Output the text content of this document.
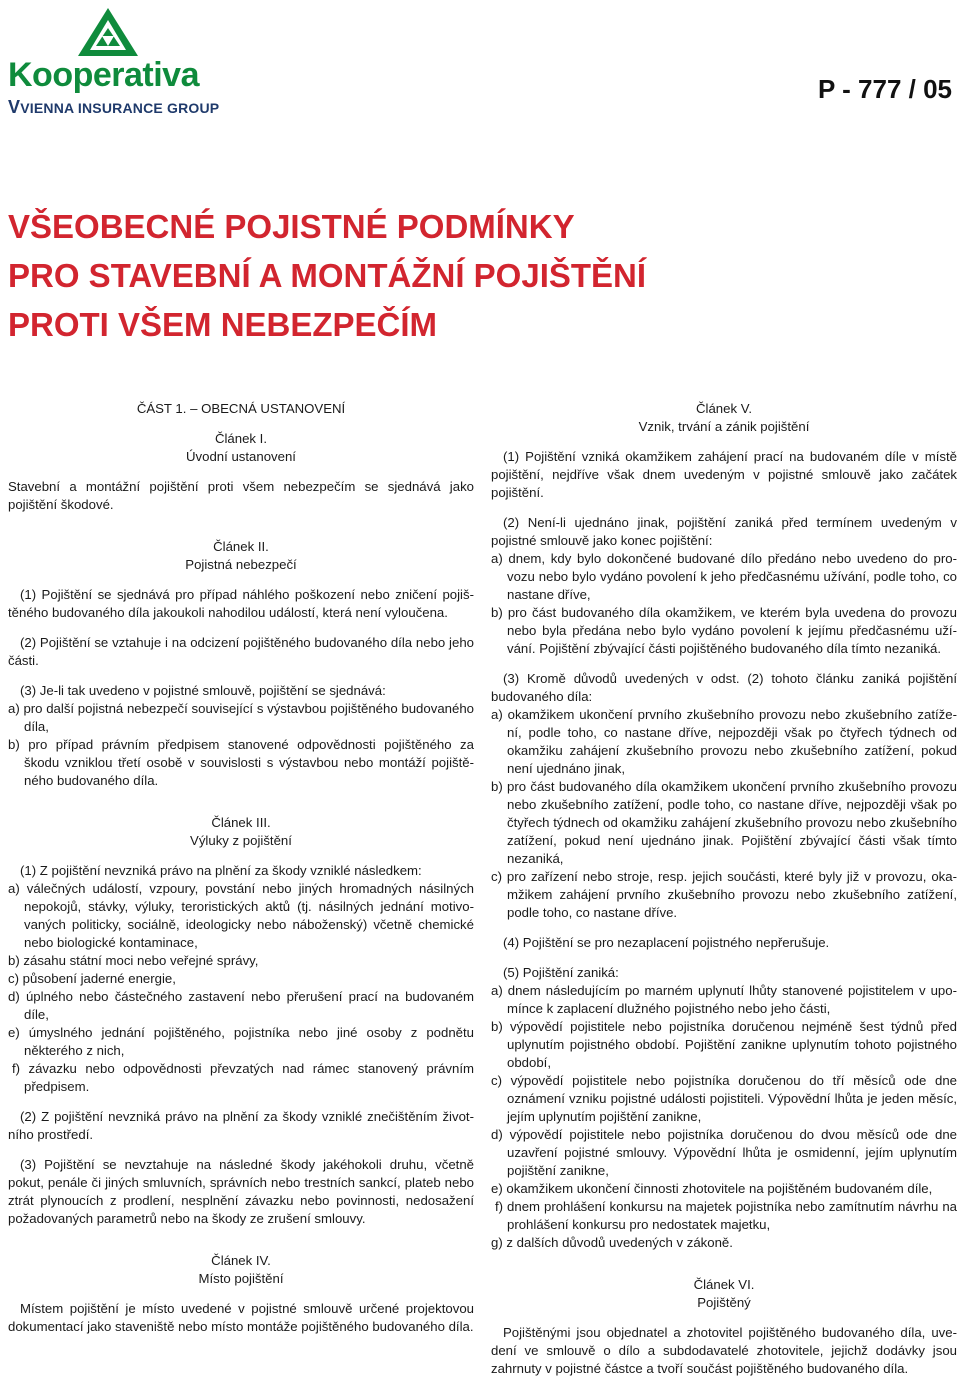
Kooperativa
VVIENNA INSURANCE GROUP
P - 777 / 05
VŠEOBECNÉ POJISTNÉ PODMÍNKY
PRO STAVEBNÍ A MONTÁŽNÍ POJIŠTĚNÍ
PROTI VŠEM NEBEZPEČÍM
ČÁST 1. – OBECNÁ USTANOVENÍ
Článek I.
Úvodní ustanovení

Stavební a montážní pojištění proti všem nebezpečím se sjednává jako pojištění škodové.

Článek II.
Pojistná nebezpečí

(1) Pojištění se sjednává pro případ náhlého poškození nebo zničení pojištěného budovaného díla jakoukoli nahodilou událostí, která není vyloučena.

(2) Pojištění se vztahuje i na odcizení pojištěného budovaného díla nebo jeho části.

(3) Je-li tak uvedeno v pojistné smlouvě, pojištění se sjednává:

a) pro další pojistná nebezpečí související s výstavbou pojištěného budovaného díla,
b) pro případ právním předpisem stanovené odpovědnosti pojištěného za škodu vzniklou třetí osobě v souvislosti s výstavbou nebo montáží pojištěného budovaného díla.
Článek III.
Výluky z pojištění

(1) Z pojištění nevzniká právo na plnění za škody vzniklé následkem:

a) válečných událostí, vzpoury, povstání nebo jiných hromadných násilných nepokojů, stávky, výluky, teroristických aktů (tj. násilných jednání motivovaných politicky, sociálně, ideologicky nebo náboženský) včetně chemické nebo biologické kontaminace,
b) zásahu státní moci nebo veřejné správy,
c) působení jaderné energie,
d) úplného nebo částečného zastavení nebo přerušení prací na budovaném díle,
e) úmyslného jednání pojištěného, pojistníka nebo jiné osoby z podnětu některého z nich,
f) závazku nebo odpovědnosti převzatých nad rámec stanovený právním předpisem.

(2) Z pojištění nevzniká právo na plnění za škody vzniklé znečištěním životního prostředí.

(3) Pojištění se nevztahuje na následné škody jakéhokoli druhu, včetně pokut, penále či jiných smluvních, správních nebo trestních sankcí, plateb nebo ztrát plynoucích z prodlení, nesplnění závazku nebo povinnosti, nedosažení požadovaných parametrů nebo na škody ze zrušení smlouvy.

Článek IV.
Místo pojištění

Místem pojištění je místo uvedené v pojistné smlouvě určené projektovou dokumentací jako staveniště nebo místo montáže pojištěného budovaného díla.

Článek V.
Vznik, trvání a zánik pojištění

(1) Pojištění vzniká okamžikem zahájení prací na budovaném díle v místě pojištění, nejdříve však dnem uvedeným v pojistné smlouvě jako začátek pojištění.

(2) Není-li ujednáno jinak, pojištění zaniká před termínem uvedeným v pojistné smlouvě jako konec pojištění:

a) dnem, kdy bylo dokončené budované dílo předáno nebo uvedeno do provozu nebo bylo vydáno povolení k jeho předčasnému užívání, podle toho, co nastane dříve,
b) pro část budovaného díla okamžikem, ve kterém byla uvedena do provozu nebo byla předána nebo bylo vydáno povolení k jejímu předčasnému užívání. Pojištění zbývající části pojištěného budovaného díla tímto nezaniká.

(3) Kromě důvodů uvedených v odst. (2) tohoto článku zaniká pojištění budovaného díla:

a) okamžikem ukončení prvního zkušebního provozu nebo zkušebního zatížení, podle toho, co nastane dříve, nejpozději však po čtyřech týdnech od okamžiku zahájení zkušebního provozu nebo zkušebního zatížení, pokud není ujednáno jinak,
b) pro část budovaného díla okamžikem ukončení prvního zkušebního provozu nebo zkušebního zatížení, podle toho, co nastane dříve, nejpozději však po čtyřech týdnech od okamžiku zahájení zkušebního provozu nebo zkušebního zatížení, pokud není ujednáno jinak. Pojištění zbývající části však tímto nezaniká,
c) pro zařízení nebo stroje, resp. jejich součásti, které byly již v provozu, okamžikem zahájení prvního zkušebního provozu nebo zkušebního zatížení, podle toho, co nastane dříve.

(4) Pojištění se pro nezaplacení pojistného nepřerušuje.

(5) Pojištění zaniká:

a) dnem následujícím po marném uplynutí lhůty stanovené pojistitelem v upomínce k zaplacení dlužného pojistného nebo jeho části,
b) výpovědí pojistitele nebo pojistníka doručenou nejméně šest týdnů před uplynutím pojistného období. Pojištění zanikne uplynutím tohoto pojistného období,
c) výpovědí pojistitele nebo pojistníka doručenou do tří měsíců ode dne oznámení vzniku pojistné události pojistiteli. Výpovědní lhůta je jeden měsíc, jejím uplynutím pojištění zanikne,
d) výpovědí pojistitele nebo pojistníka doručenou do dvou měsíců ode dne uzavření pojistné smlouvy. Výpovědní lhůta je osmidenní, jejím uplynutím pojištění zanikne,
e) okamžikem ukončení činnosti zhotovitele na pojištěném budovaném díle,
f) dnem prohlášení konkursu na majetek pojistníka nebo zamítnutím návrhu na prohlášení konkursu pro nedostatek majetku,
g) z dalších důvodů uvedených v zákoně.
Článek VI.
Pojištěný

Pojištěnými jsou objednatel a zhotovitel pojištěného budovaného díla, uvedení ve smlouvě o dílo a subdodavatelé zhotovitele, jejichž dodávky jsou zahrnuty v pojistné částce a tvoří součást pojištěného budovaného díla.
